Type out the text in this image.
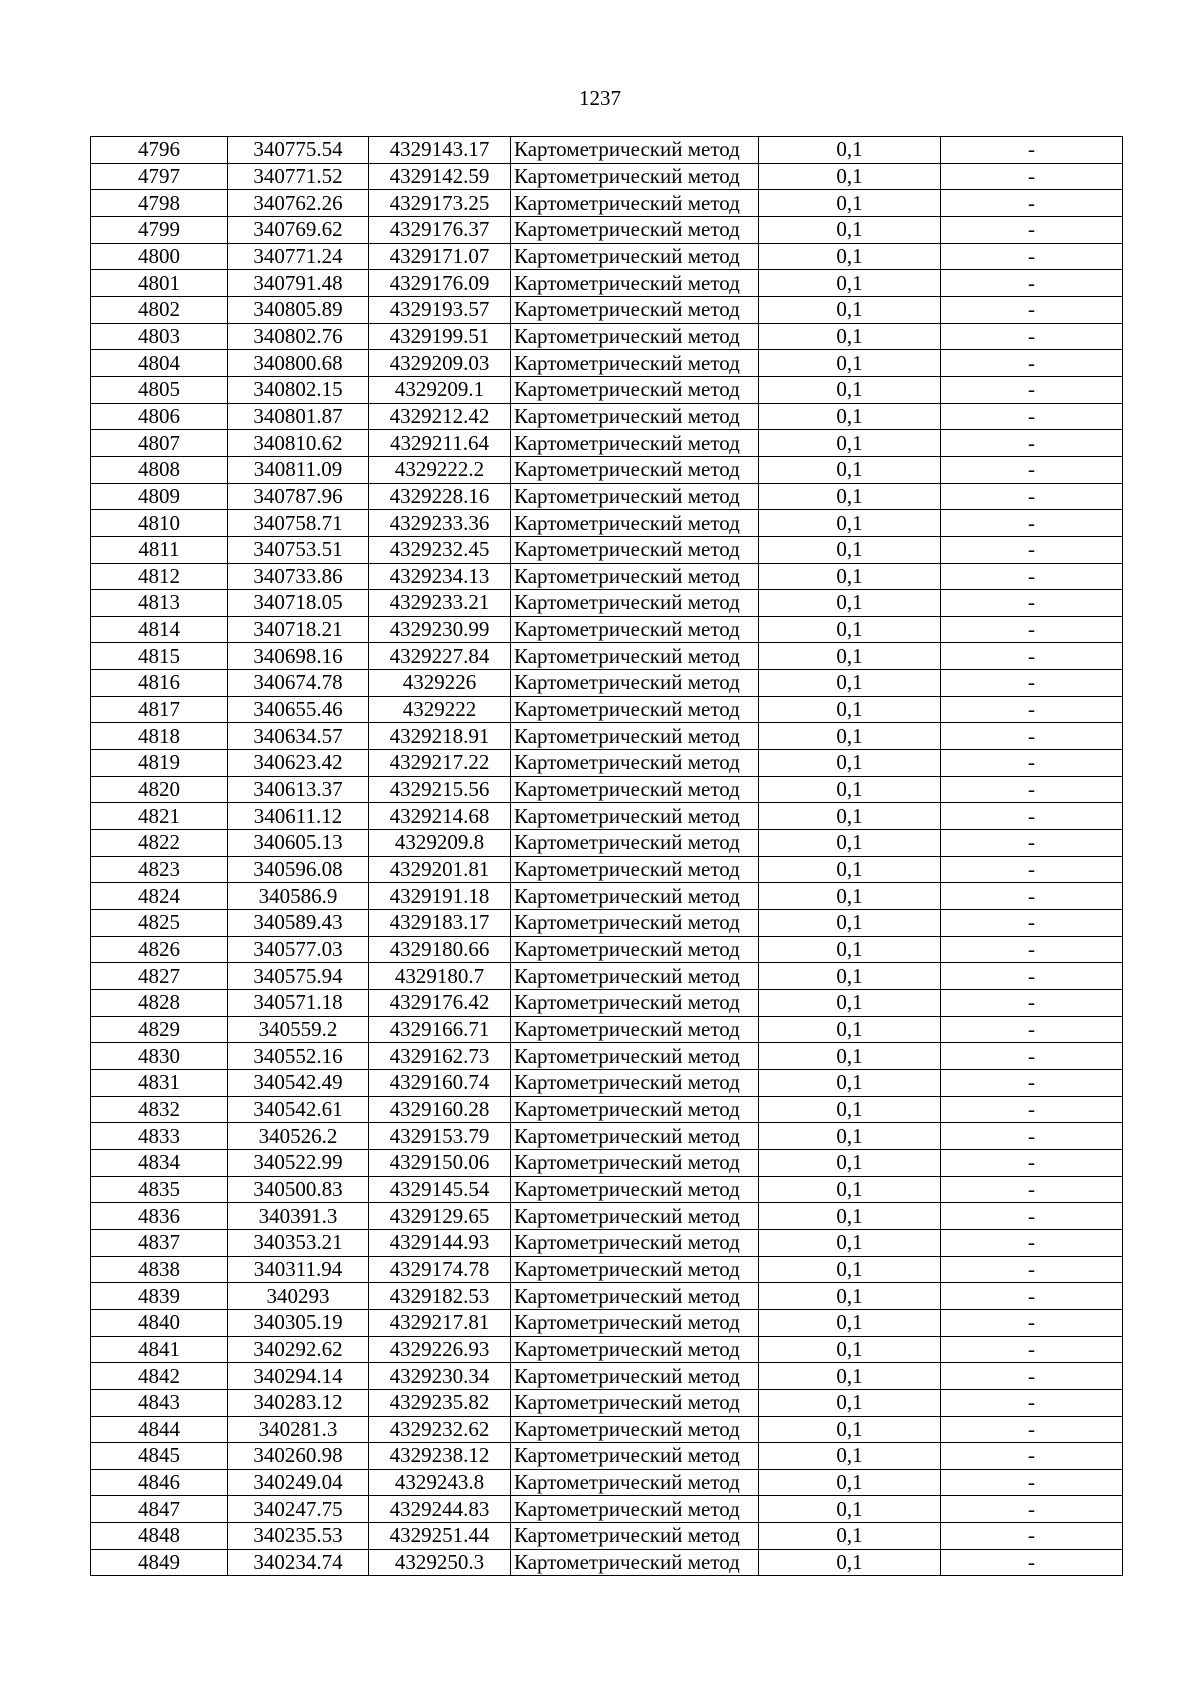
1237
4796	340775.54	4329143.17	Картометрический метод	0,1	-
4797	340771.52	4329142.59	Картометрический метод	0,1	-
4798	340762.26	4329173.25	Картометрический метод	0,1	-
4799	340769.62	4329176.37	Картометрический метод	0,1	-
4800	340771.24	4329171.07	Картометрический метод	0,1	-
4801	340791.48	4329176.09	Картометрический метод	0,1	-
4802	340805.89	4329193.57	Картометрический метод	0,1	-
4803	340802.76	4329199.51	Картометрический метод	0,1	-
4804	340800.68	4329209.03	Картометрический метод	0,1	-
4805	340802.15	4329209.1	Картометрический метод	0,1	-
4806	340801.87	4329212.42	Картометрический метод	0,1	-
4807	340810.62	4329211.64	Картометрический метод	0,1	-
4808	340811.09	4329222.2	Картометрический метод	0,1	-
4809	340787.96	4329228.16	Картометрический метод	0,1	-
4810	340758.71	4329233.36	Картометрический метод	0,1	-
4811	340753.51	4329232.45	Картометрический метод	0,1	-
4812	340733.86	4329234.13	Картометрический метод	0,1	-
4813	340718.05	4329233.21	Картометрический метод	0,1	-
4814	340718.21	4329230.99	Картометрический метод	0,1	-
4815	340698.16	4329227.84	Картометрический метод	0,1	-
4816	340674.78	4329226	Картометрический метод	0,1	-
4817	340655.46	4329222	Картометрический метод	0,1	-
4818	340634.57	4329218.91	Картометрический метод	0,1	-
4819	340623.42	4329217.22	Картометрический метод	0,1	-
4820	340613.37	4329215.56	Картометрический метод	0,1	-
4821	340611.12	4329214.68	Картометрический метод	0,1	-
4822	340605.13	4329209.8	Картометрический метод	0,1	-
4823	340596.08	4329201.81	Картометрический метод	0,1	-
4824	340586.9	4329191.18	Картометрический метод	0,1	-
4825	340589.43	4329183.17	Картометрический метод	0,1	-
4826	340577.03	4329180.66	Картометрический метод	0,1	-
4827	340575.94	4329180.7	Картометрический метод	0,1	-
4828	340571.18	4329176.42	Картометрический метод	0,1	-
4829	340559.2	4329166.71	Картометрический метод	0,1	-
4830	340552.16	4329162.73	Картометрический метод	0,1	-
4831	340542.49	4329160.74	Картометрический метод	0,1	-
4832	340542.61	4329160.28	Картометрический метод	0,1	-
4833	340526.2	4329153.79	Картометрический метод	0,1	-
4834	340522.99	4329150.06	Картометрический метод	0,1	-
4835	340500.83	4329145.54	Картометрический метод	0,1	-
4836	340391.3	4329129.65	Картометрический метод	0,1	-
4837	340353.21	4329144.93	Картометрический метод	0,1	-
4838	340311.94	4329174.78	Картометрический метод	0,1	-
4839	340293	4329182.53	Картометрический метод	0,1	-
4840	340305.19	4329217.81	Картометрический метод	0,1	-
4841	340292.62	4329226.93	Картометрический метод	0,1	-
4842	340294.14	4329230.34	Картометрический метод	0,1	-
4843	340283.12	4329235.82	Картометрический метод	0,1	-
4844	340281.3	4329232.62	Картометрический метод	0,1	-
4845	340260.98	4329238.12	Картометрический метод	0,1	-
4846	340249.04	4329243.8	Картометрический метод	0,1	-
4847	340247.75	4329244.83	Картометрический метод	0,1	-
4848	340235.53	4329251.44	Картометрический метод	0,1	-
4849	340234.74	4329250.3	Картометрический метод	0,1	-
